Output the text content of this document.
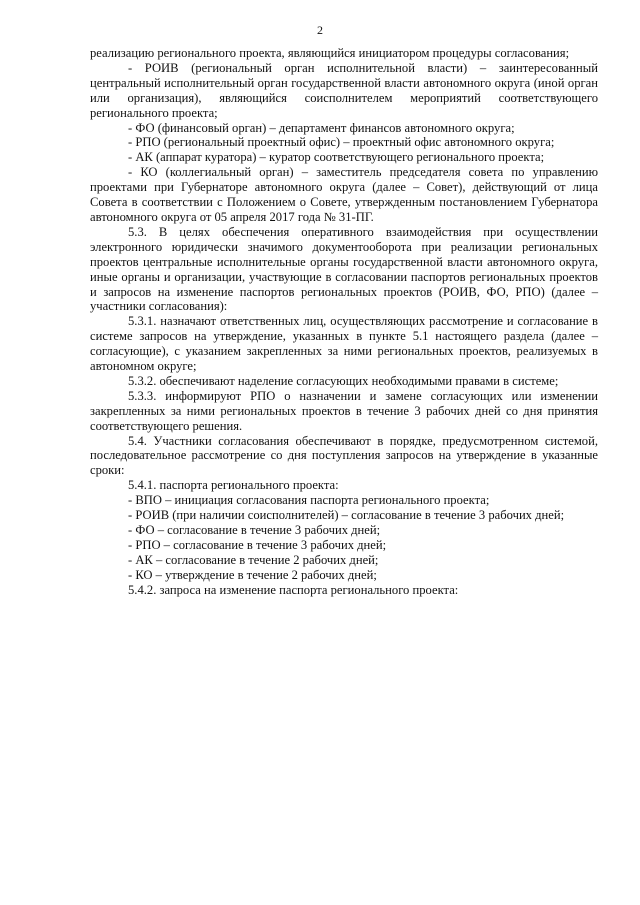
2

реализацию регионального проекта, являющийся инициатором процедуры согласования;

- РОИВ (региональный орган исполнительной власти) – заинтересованный центральный исполнительный орган государственной власти автономного округа (иной орган или организация), являющийся соисполнителем мероприятий соответствующего регионального проекта;

- ФО (финансовый орган) – департамент финансов автономного округа;

- РПО (региональный проектный офис) – проектный офис автономного округа;

- АК (аппарат куратора) – куратор соответствующего регионального проекта;

- КО (коллегиальный орган) – заместитель председателя совета по управлению проектами при Губернаторе автономного округа (далее – Совет), действующий от лица Совета в соответствии с Положением о Совете, утвержденным постановлением Губернатора автономного округа от 05 апреля 2017 года № 31-ПГ.

5.3. В целях обеспечения оперативного взаимодействия при осуществлении электронного юридически значимого документооборота при реализации региональных проектов центральные исполнительные органы государственной власти автономного округа, иные органы и организации, участвующие в согласовании паспортов региональных проектов и запросов на изменение паспортов региональных проектов (РОИВ, ФО, РПО) (далее – участники согласования):

5.3.1. назначают ответственных лиц, осуществляющих рассмотрение и согласование в системе запросов на утверждение, указанных в пункте 5.1 настоящего раздела (далее – согласующие), с указанием закрепленных за ними региональных проектов, реализуемых в автономном округе;

5.3.2. обеспечивают наделение согласующих необходимыми правами в системе;

5.3.3. информируют РПО о назначении и замене согласующих или изменении закрепленных за ними региональных проектов в течение 3 рабочих дней со дня принятия соответствующего решения.

5.4. Участники согласования обеспечивают в порядке, предусмотренном системой, последовательное рассмотрение со дня поступления запросов на утверждение в указанные сроки:

5.4.1. паспорта регионального проекта:

- ВПО – инициация согласования паспорта регионального проекта;

- РОИВ (при наличии соисполнителей) – согласование в течение 3 рабочих дней;

- ФО – согласование в течение 3 рабочих дней;

- РПО – согласование в течение 3 рабочих дней;

- АК – согласование в течение 2 рабочих дней;

- КО – утверждение в течение 2 рабочих дней;

5.4.2. запроса на изменение паспорта регионального проекта:
